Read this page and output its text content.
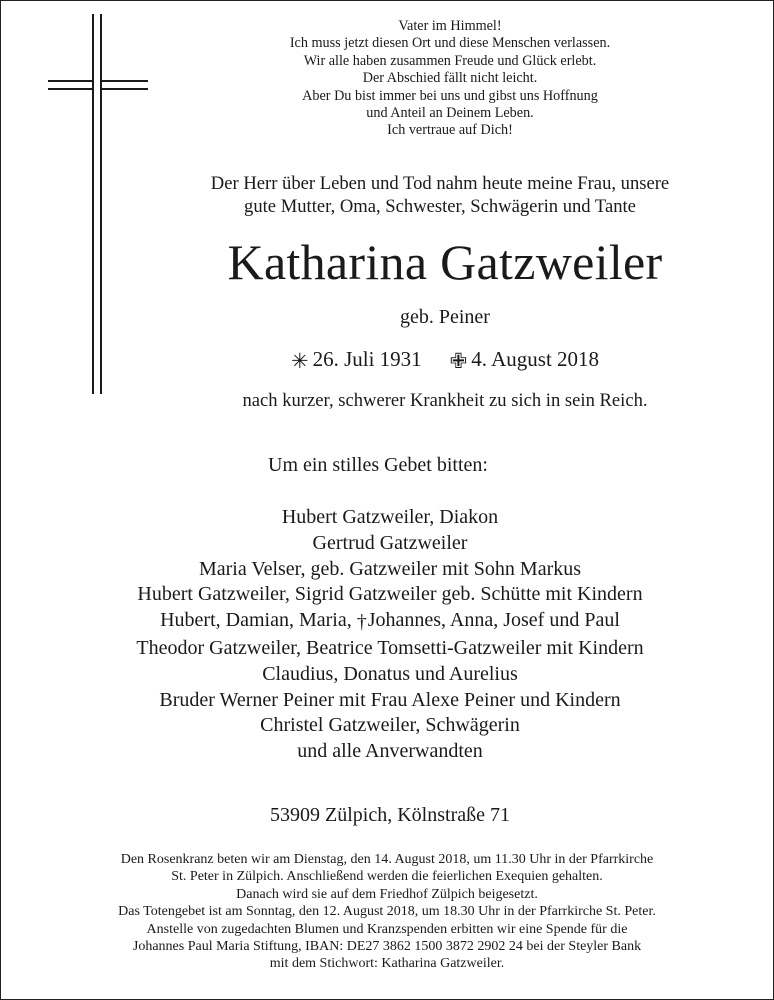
Vater im Himmel!
Ich muss jetzt diesen Ort und diese Menschen verlassen.
Wir alle haben zusammen Freude und Glück erlebt.
Der Abschied fällt nicht leicht.
Aber Du bist immer bei uns und gibst uns Hoffnung
und Anteil an Deinem Leben.
Ich vertraue auf Dich!
Der Herr über Leben und Tod nahm heute meine Frau, unsere
gute Mutter, Oma, Schwester, Schwägerin und Tante
Katharina Gatzweiler
geb. Peiner
✳ 26. Juli 1931 ✙ 4. August 2018
nach kurzer, schwerer Krankheit zu sich in sein Reich.
Um ein stilles Gebet bitten:
Hubert Gatzweiler, Diakon
Gertrud Gatzweiler
Maria Velser, geb. Gatzweiler mit Sohn Markus
Hubert Gatzweiler, Sigrid Gatzweiler geb. Schütte mit Kindern
Hubert, Damian, Maria, †Johannes, Anna, Josef und Paul
Theodor Gatzweiler, Beatrice Tomsetti-Gatzweiler mit Kindern
Claudius, Donatus und Aurelius
Bruder Werner Peiner mit Frau Alexe Peiner und Kindern
Christel Gatzweiler, Schwägerin
und alle Anverwandten
53909 Zülpich, Kölnstraße 71
Den Rosenkranz beten wir am Dienstag, den 14. August 2018, um 11.30 Uhr in der Pfarrkirche
St. Peter in Zülpich. Anschließend werden die feierlichen Exequien gehalten.
Danach wird sie auf dem Friedhof Zülpich beigesetzt.
Das Totengebet ist am Sonntag, den 12. August 2018, um 18.30 Uhr in der Pfarrkirche St. Peter.
Anstelle von zugedachten Blumen und Kranzspenden erbitten wir eine Spende für die
Johannes Paul Maria Stiftung, IBAN: DE27 3862 1500 3872 2902 24 bei der Steyler Bank
mit dem Stichwort: Katharina Gatzweiler.
